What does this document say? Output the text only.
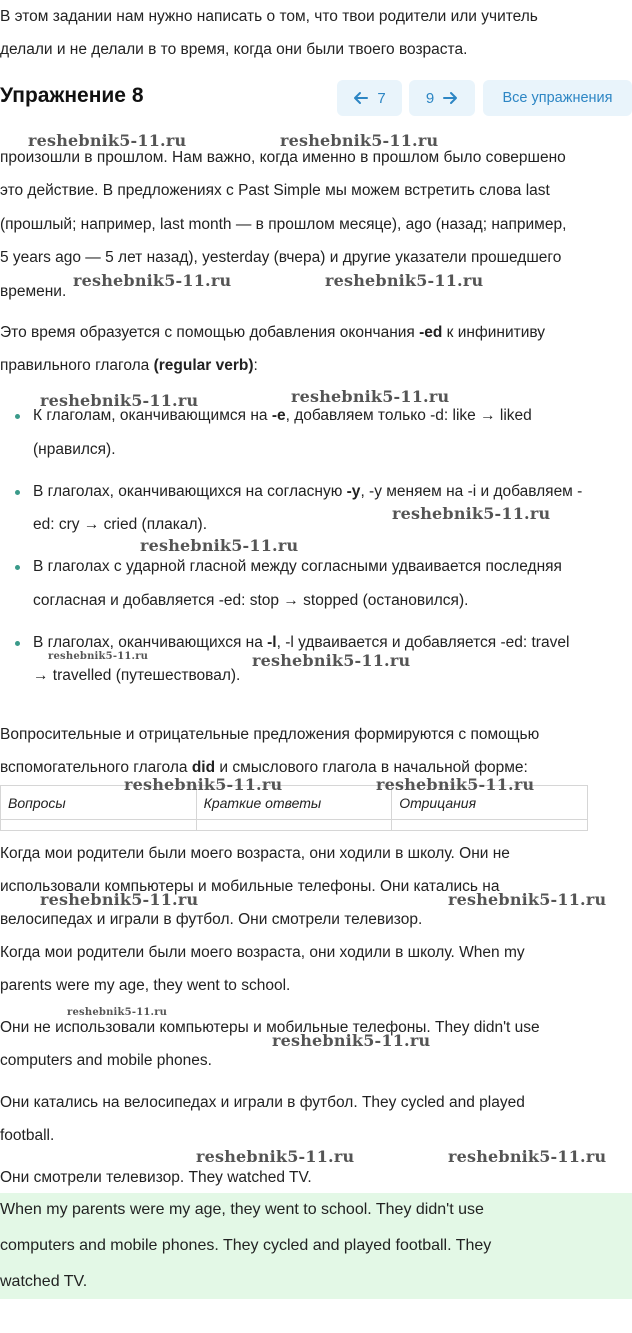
В этом задании нам нужно написать о том, что твои родители или учитель
делали и не делали в то время, когда они были твоего возраста.
Упражнение 8	7	9	Все упражнения
произошли в прошлом. Нам важно, когда именно в прошлом было совершено
это действие. В предложениях с Past Simple мы можем встретить слова last
(прошлый; например, last month — в прошлом месяце), ago (назад; например,
5 years ago — 5 лет назад), yesterday (вчера) и другие указатели прошедшего
времени.
Это время образуется с помощью добавления окончания -ed к инфинитиву
правильного глагола (regular verb):
К глаголам, оканчивающимся на -e, добавляем только -d: like → liked
(нравился).
В глаголах, оканчивающихся на согласную -y, -y меняем на -i и добавляем -
ed: cry → cried (плакал).
В глаголах с ударной гласной между согласными удваивается последняя
согласная и добавляется -ed: stop → stopped (остановился).
В глаголах, оканчивающихся на -l, -l удваивается и добавляется -ed: travel
→ travelled (путешествовал).
Вопросительные и отрицательные предложения формируются с помощью
вспомогательного глагола did и смыслового глагола в начальной форме:
Вопросы	Краткие ответы	Отрицания

Когда мои родители были моего возраста, они ходили в школу. Они не
использовали компьютеры и мобильные телефоны. Они катались на
велосипедах и играли в футбол. Они смотрели телевизор.
Когда мои родители были моего возраста, они ходили в школу. When my
parents were my age, they went to school.
Они не использовали компьютеры и мобильные телефоны. They didn't use
computers and mobile phones.
Они катались на велосипедах и играли в футбол. They cycled and played
football.
Они смотрели телевизор. They watched TV.
When my parents were my age, they went to school. They didn't use
computers and mobile phones. They cycled and played football. They
watched TV.
reshebnik5-11.ru	reshebnik5-11.ru
reshebnik5-11.ru	reshebnik5-11.ru
reshebnik5-11.ru	reshebnik5-11.ru
reshebnik5-11.ru
reshebnik5-11.ru
reshebnik5-11.ru	reshebnik5-11.ru
reshebnik5-11.ru	reshebnik5-11.ru
reshebnik5-11.ru	reshebnik5-11.ru
reshebnik5-11.ru
reshebnik5-11.ru
reshebnik5-11.ru	reshebnik5-11.ru
